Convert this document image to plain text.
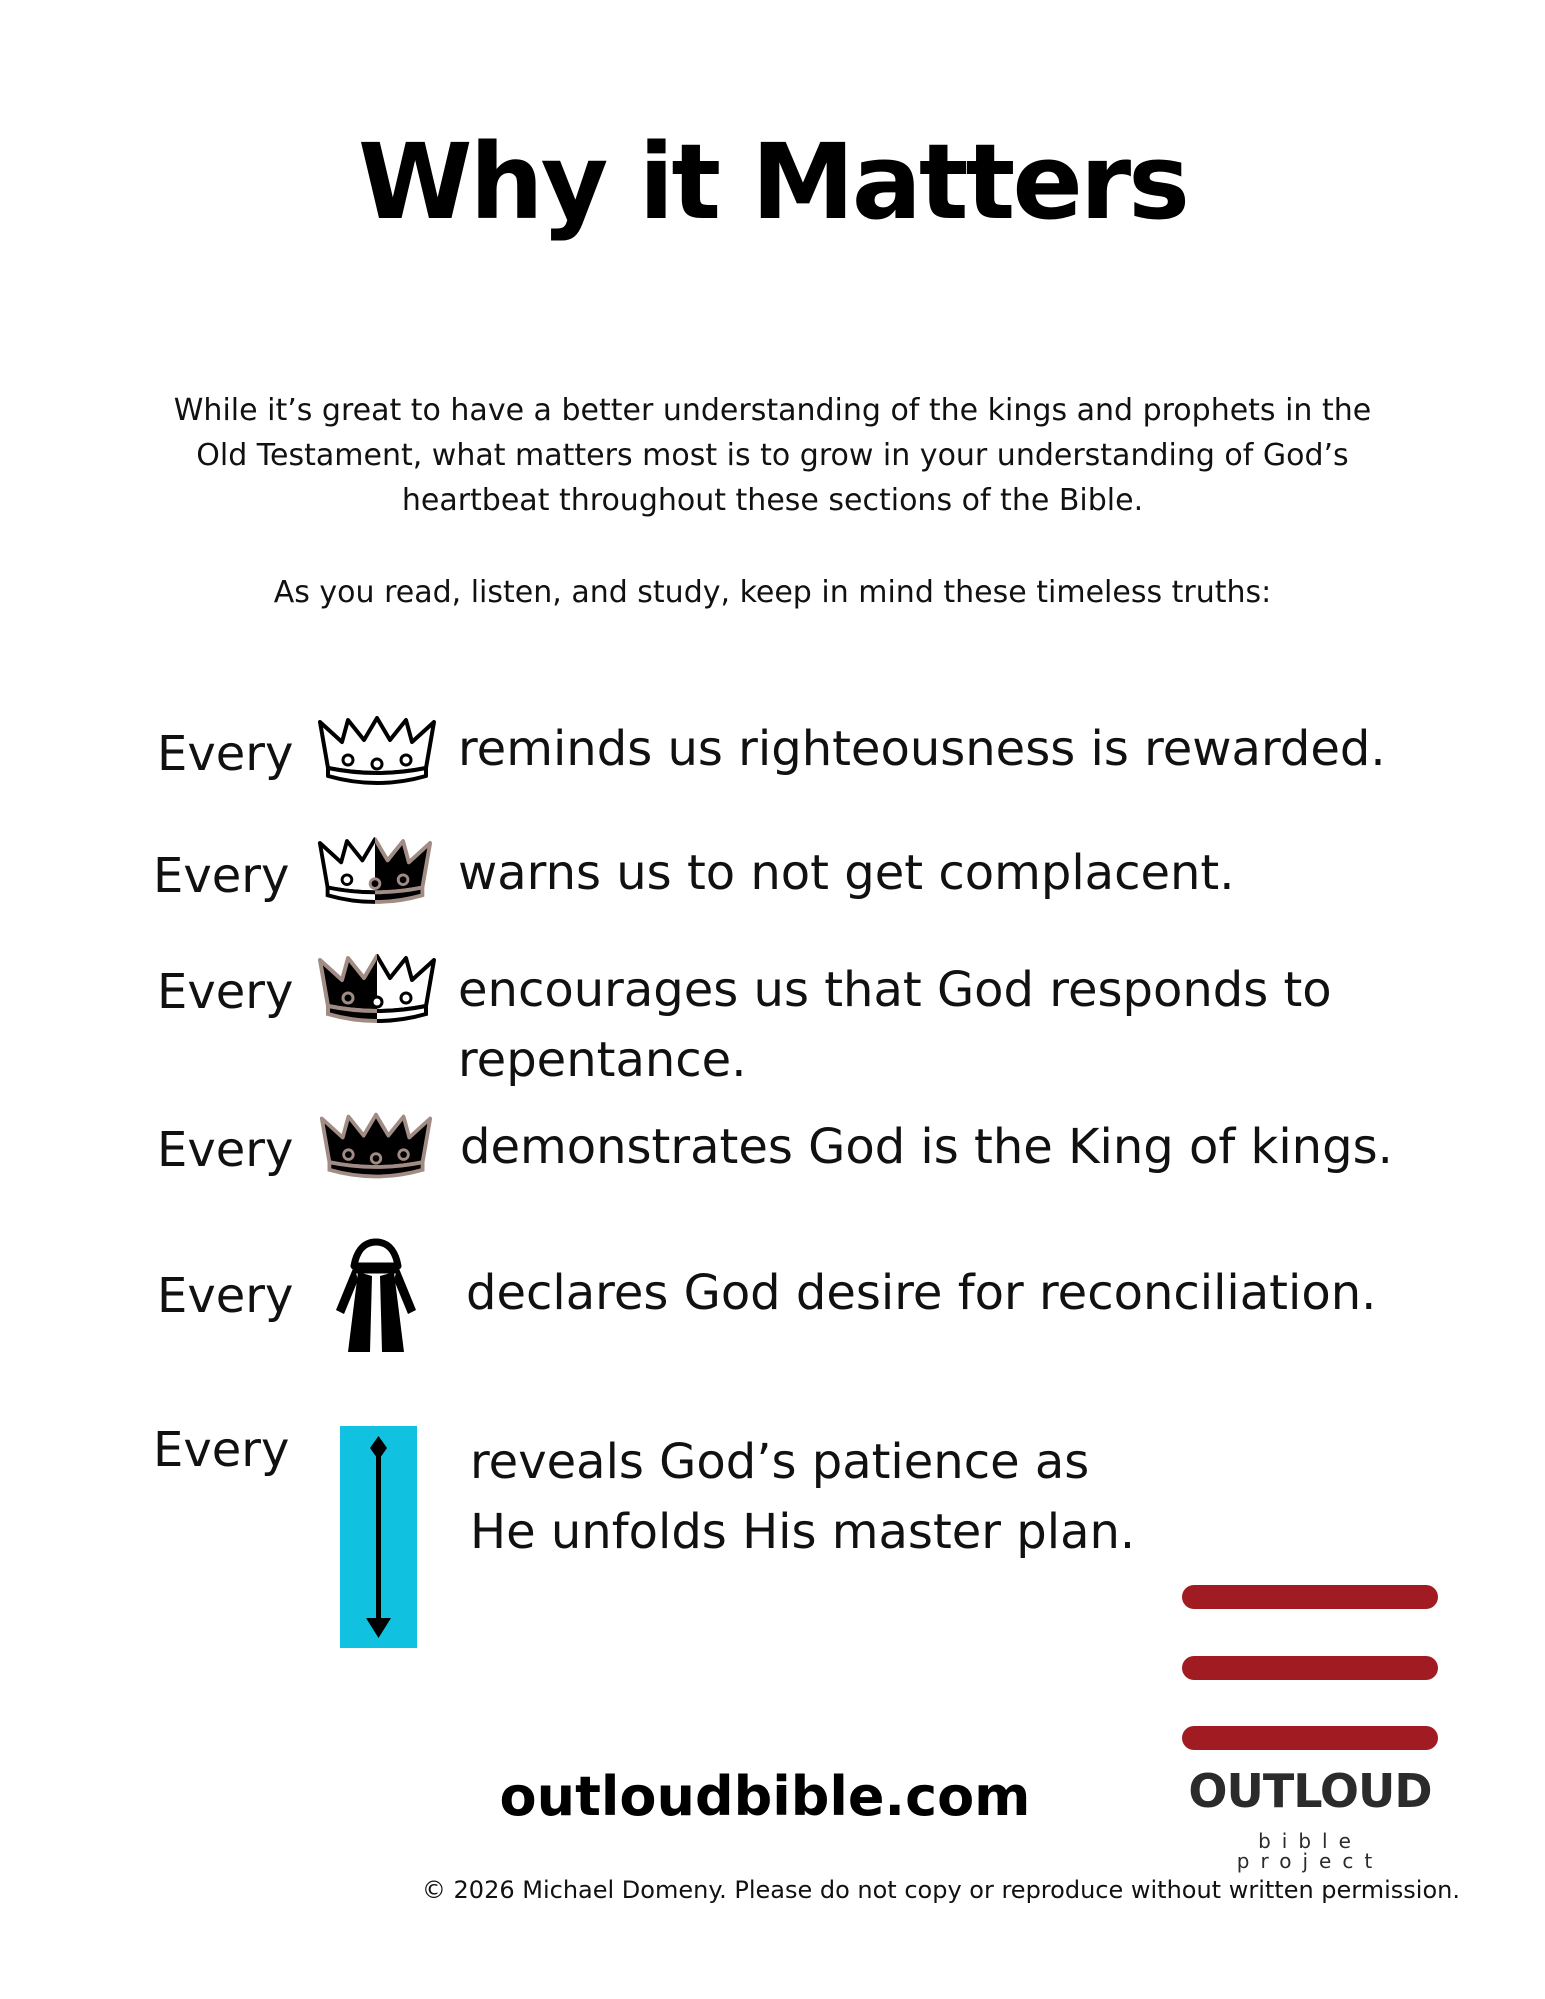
Why it Matters

While it’s great to have a better understanding of the kings and prophets in the Old Testament, what matters most is to grow in your understanding of God’s heartbeat throughout these sections of the Bible.

As you read, listen, and study, keep in mind these timeless truths:

Every	reminds us righteousness is rewarded.
Every	warns us to not get complacent.
Every	encourages us that God responds to repentance.
Every	demonstrates God is the King of kings.
Every	declares God desire for reconciliation.
Every	reveals God’s patience as He unfolds His master plan.
outloudbible.com	OUTLOUD
bible project
© 2026 Michael Domeny. Please do not copy or reproduce without written permission.
